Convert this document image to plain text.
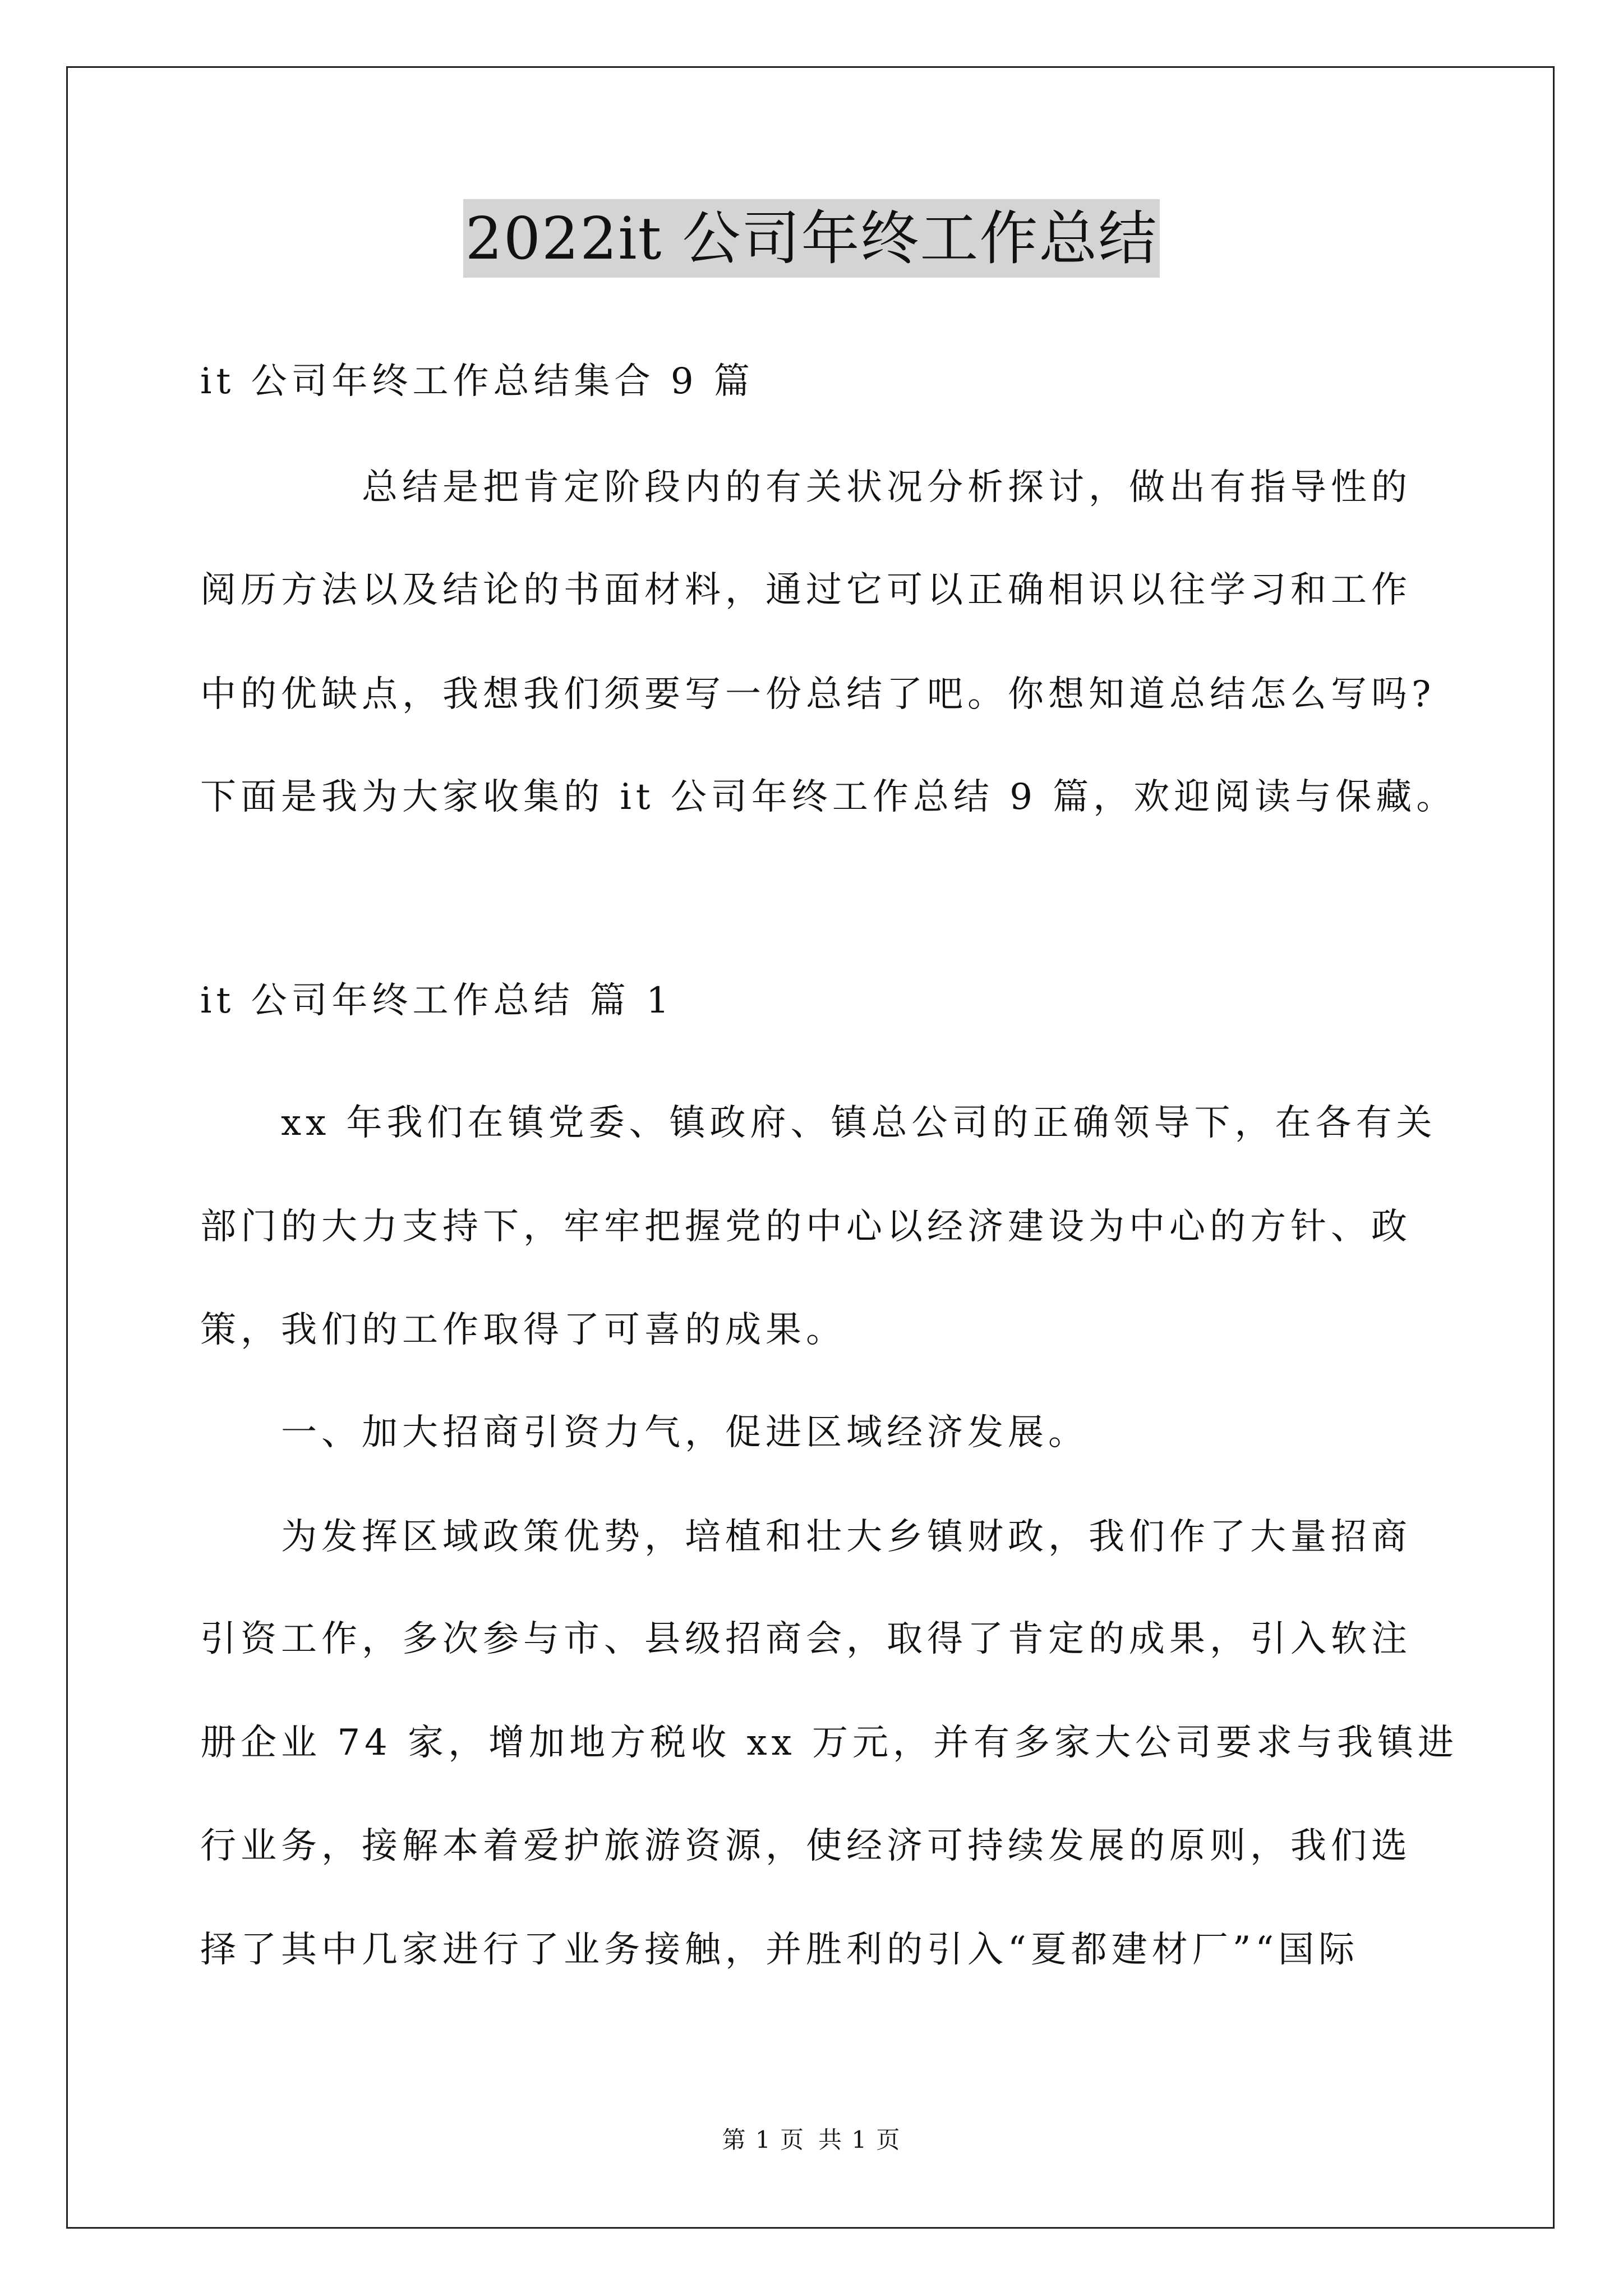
2022it 公司年终工作总结
it 公司年终工作总结集合 9 篇
　　　　总结是把肯定阶段内的有关状况分析探讨，做出有指导性的
阅历方法以及结论的书面材料，通过它可以正确相识以往学习和工作
中的优缺点，我想我们须要写一份总结了吧。你想知道总结怎么写吗?
下面是我为大家收集的 it 公司年终工作总结 9 篇，欢迎阅读与保藏。
it 公司年终工作总结 篇 1
　　xx 年我们在镇党委、镇政府、镇总公司的正确领导下，在各有关
部门的大力支持下，牢牢把握党的中心以经济建设为中心的方针、政
策，我们的工作取得了可喜的成果。
　　一、加大招商引资力气，促进区域经济发展。
　　为发挥区域政策优势，培植和壮大乡镇财政，我们作了大量招商
引资工作，多次参与市、县级招商会，取得了肯定的成果，引入软注
册企业 74 家，增加地方税收 xx 万元，并有多家大公司要求与我镇进
行业务，接解本着爱护旅游资源，使经济可持续发展的原则，我们选
择了其中几家进行了业务接触，并胜利的引入“夏都建材厂”“国际
第 1 页 共 1 页
